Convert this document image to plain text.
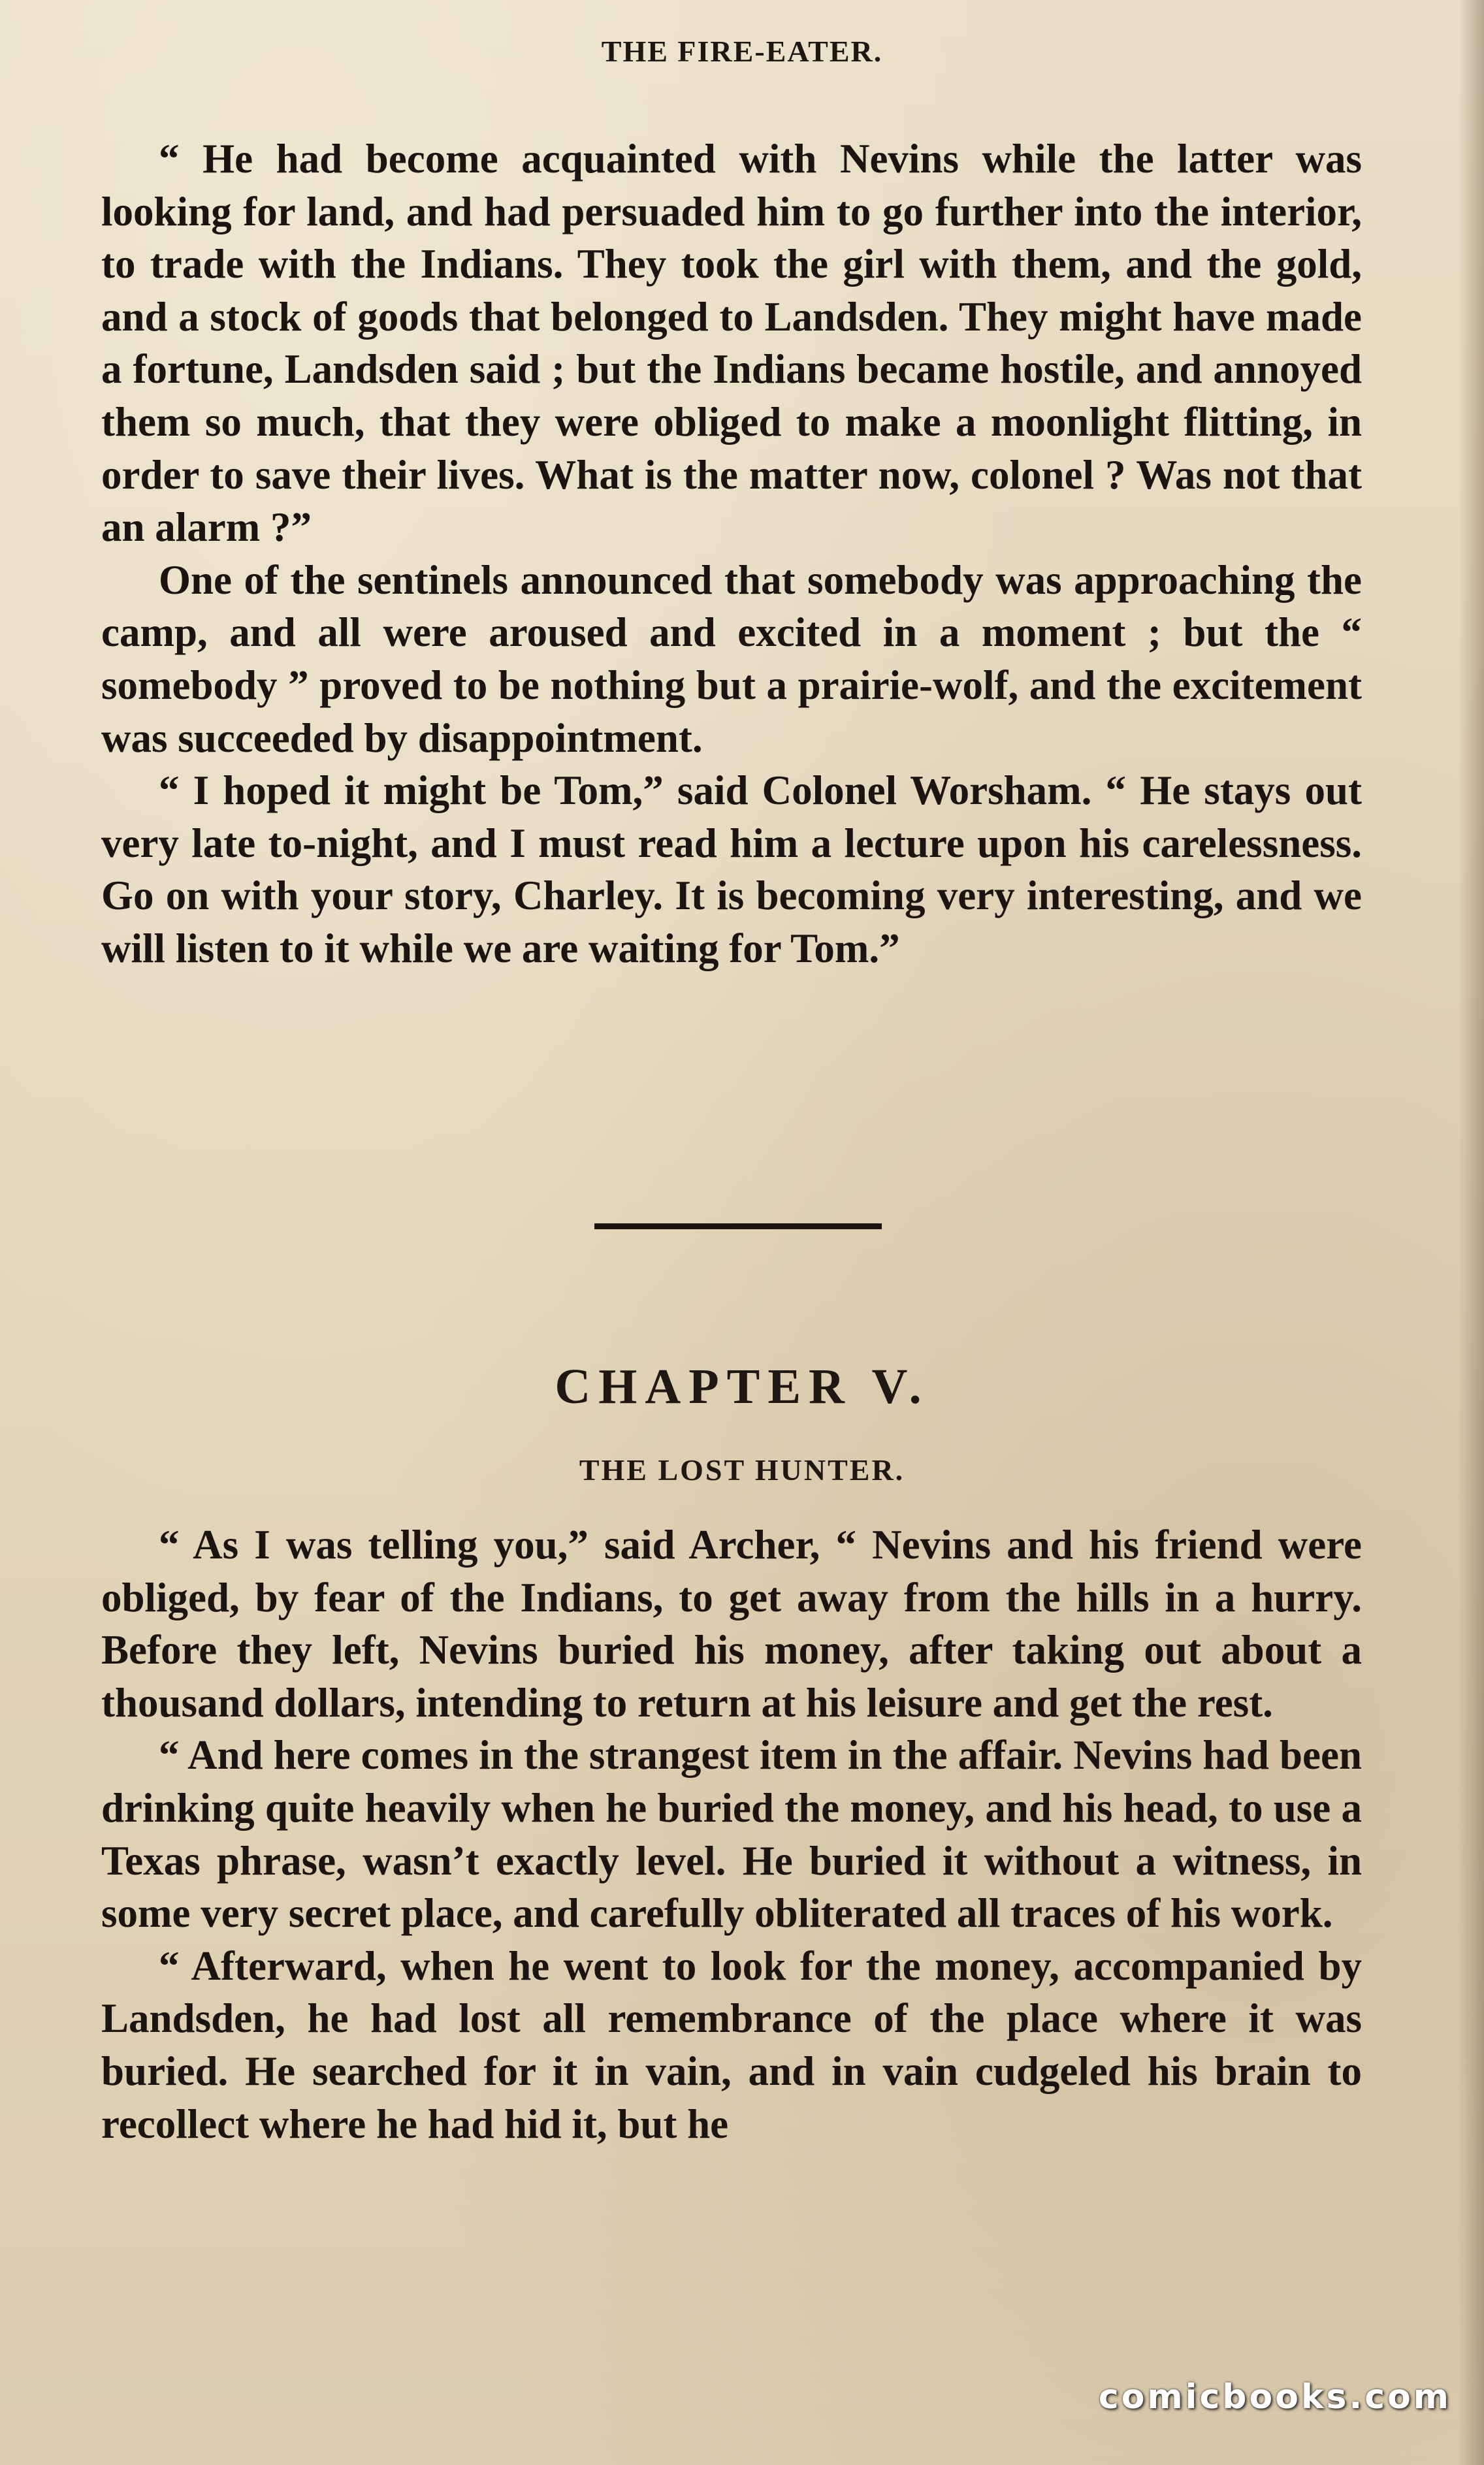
THE FIRE-EATER.

“ He had become acquainted with Nevins while the latter was looking for land, and had persuaded him to go further into the interior, to trade with the Indians. They took the girl with them, and the gold, and a stock of goods that belonged to Landsden. They might have made a fortune, Landsden said ; but the Indians became hostile, and annoyed them so much, that they were obliged to make a moonlight flitting, in order to save their lives. What is the matter now, colonel ? Was not that an alarm ?”

One of the sentinels announced that somebody was approaching the camp, and all were aroused and excited in a moment ; but the “ somebody ” proved to be nothing but a prairie-wolf, and the excitement was succeeded by disappointment.

“ I hoped it might be Tom,” said Colonel Worsham. “ He stays out very late to-night, and I must read him a lecture upon his carelessness. Go on with your story, Charley. It is becoming very interesting, and we will listen to it while we are waiting for Tom.”

CHAPTER V.
THE LOST HUNTER.

“ As I was telling you,” said Archer, “ Nevins and his friend were obliged, by fear of the Indians, to get away from the hills in a hurry. Before they left, Nevins buried his money, after taking out about a thousand dollars, intending to return at his leisure and get the rest.

“ And here comes in the strangest item in the affair. Nevins had been drinking quite heavily when he buried the money, and his head, to use a Texas phrase, wasn’t exactly level. He buried it without a witness, in some very secret place, and carefully obliterated all traces of his work.

“ Afterward, when he went to look for the money, accompanied by Landsden, he had lost all remembrance of the place where it was buried. He searched for it in vain, and in vain cudgeled his brain to recollect where he had hid it, but he

comicbooks.com
